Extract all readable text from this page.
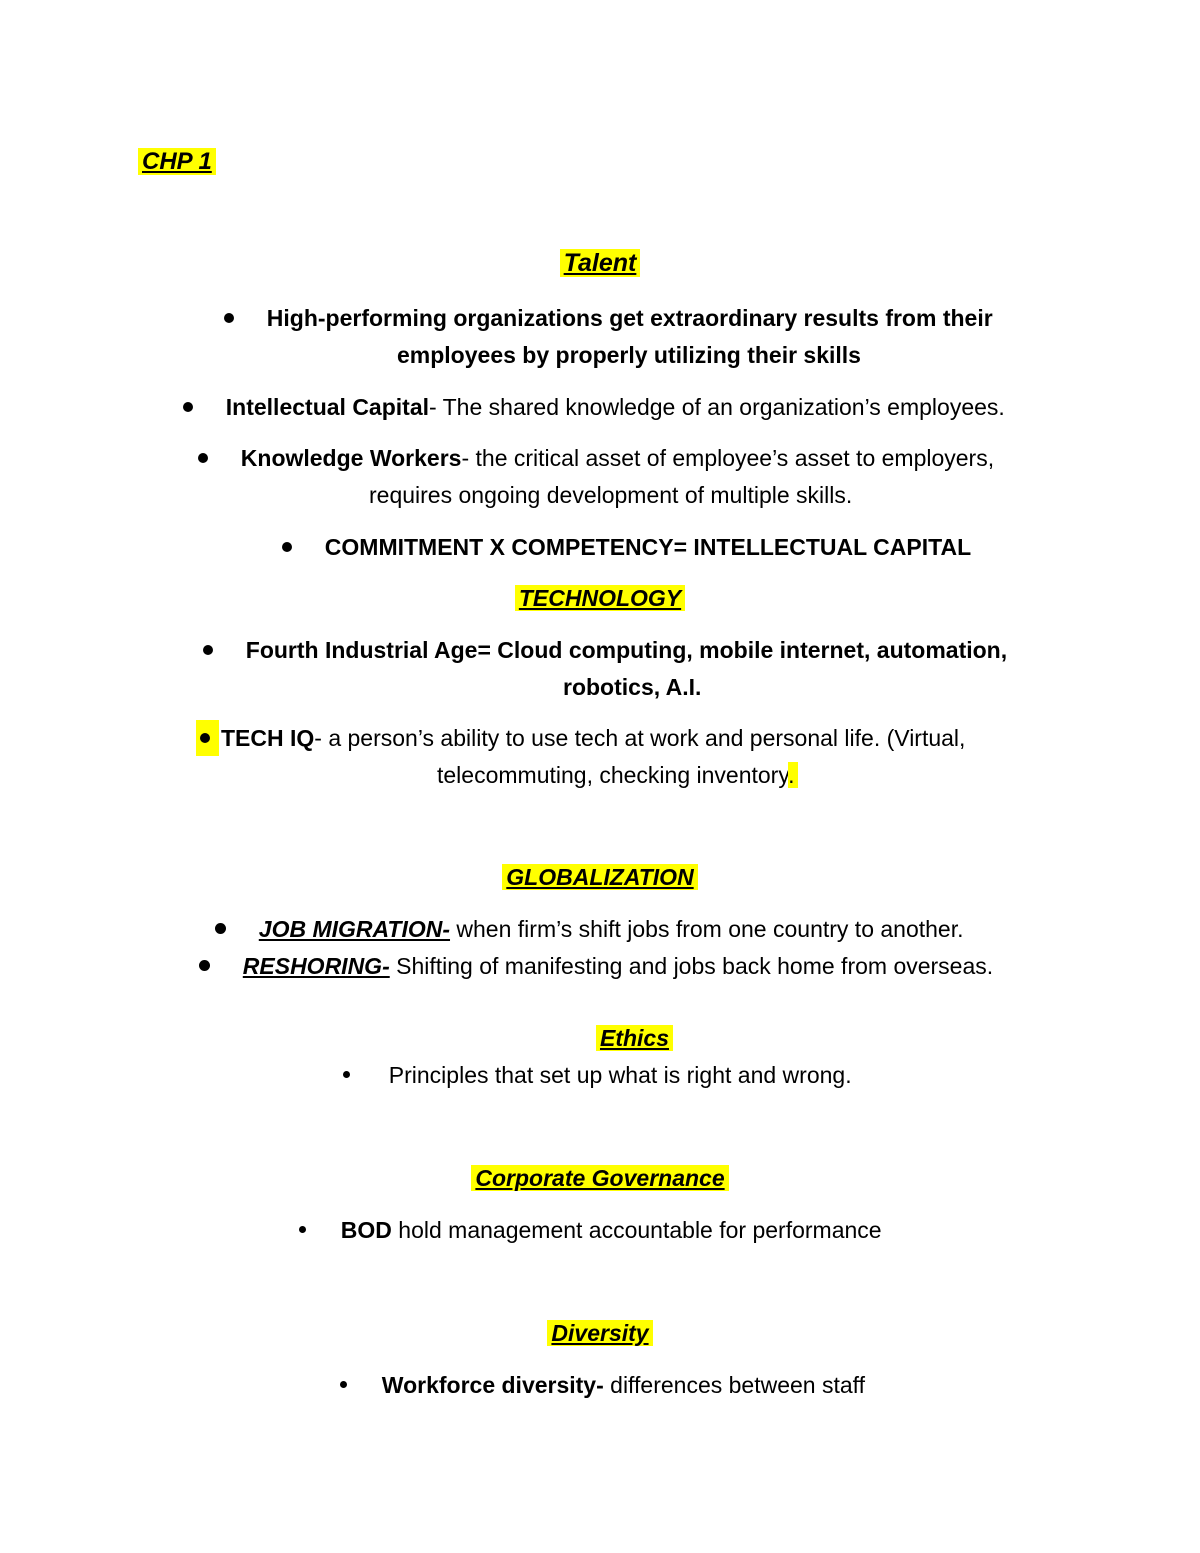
CHP 1
Talent
High-performing organizations get extraordinary results from their
employees by properly utilizing their skills
Intellectual Capital- The shared knowledge of an organization’s employees.
Knowledge Workers- the critical asset of employee’s asset to employers,
requires ongoing development of multiple skills.
COMMITMENT X COMPETENCY= INTELLECTUAL CAPITAL
TECHNOLOGY
Fourth Industrial Age= Cloud computing, mobile internet, automation,
robotics, A.I.
TECH IQ- a person’s ability to use tech at work and personal life. (Virtual,
telecommuting, checking inventory.
GLOBALIZATION
JOB MIGRATION- when firm’s shift jobs from one country to another.
RESHORING- Shifting of manifesting and jobs back home from overseas.
Ethics
Principles that set up what is right and wrong.
Corporate Governance
BOD hold management accountable for performance
Diversity
Workforce diversity- differences between staff
